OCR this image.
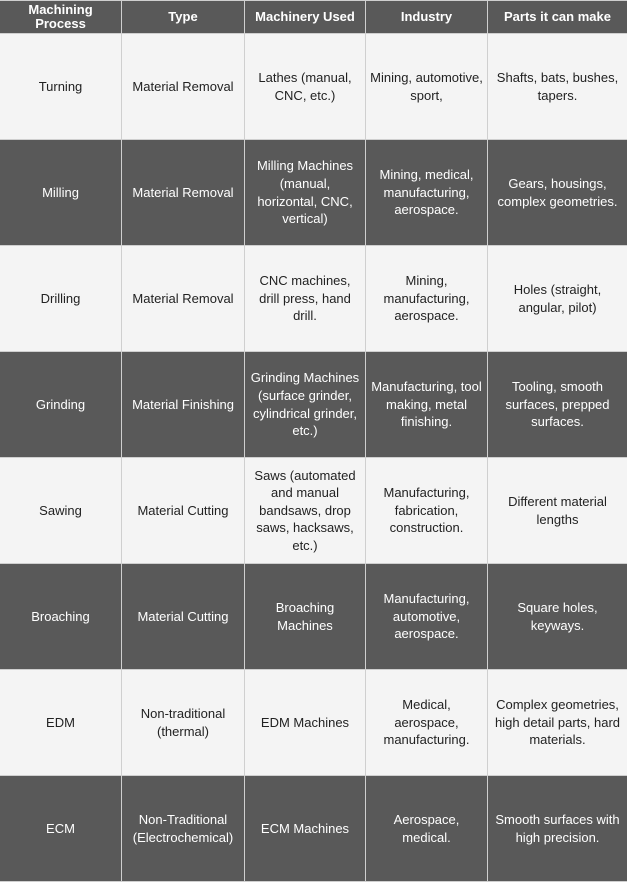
Machining Process	Type	Machinery Used	Industry	Parts it can make
Turning	Material Removal	Lathes (manual, CNC, etc.)	Mining, automotive, sport,	Shafts, bats, bushes, tapers.
Milling	Material Removal	Milling Machines (manual, horizontal, CNC, vertical)	Mining, medical, manufacturing, aerospace.	Gears, housings, complex geometries.
Drilling	Material Removal	CNC machines, drill press, hand drill.	Mining, manufacturing, aerospace.	Holes (straight, angular, pilot)
Grinding	Material Finishing	Grinding Machines (surface grinder, cylindrical grinder, etc.)	Manufacturing, tool making, metal finishing.	Tooling, smooth surfaces, prepped surfaces.
Sawing	Material Cutting	Saws (automated and manual bandsaws, drop saws, hacksaws, etc.)	Manufacturing, fabrication, construction.	Different material lengths
Broaching	Material Cutting	Broaching Machines	Manufacturing, automotive, aerospace.	Square holes, keyways.
EDM	Non-traditional (thermal)	EDM Machines	Medical, aerospace, manufacturing.	Complex geometries, high detail parts, hard materials.
ECM	Non-Traditional (Electrochemical)	ECM Machines	Aerospace, medical.	Smooth surfaces with high precision.
